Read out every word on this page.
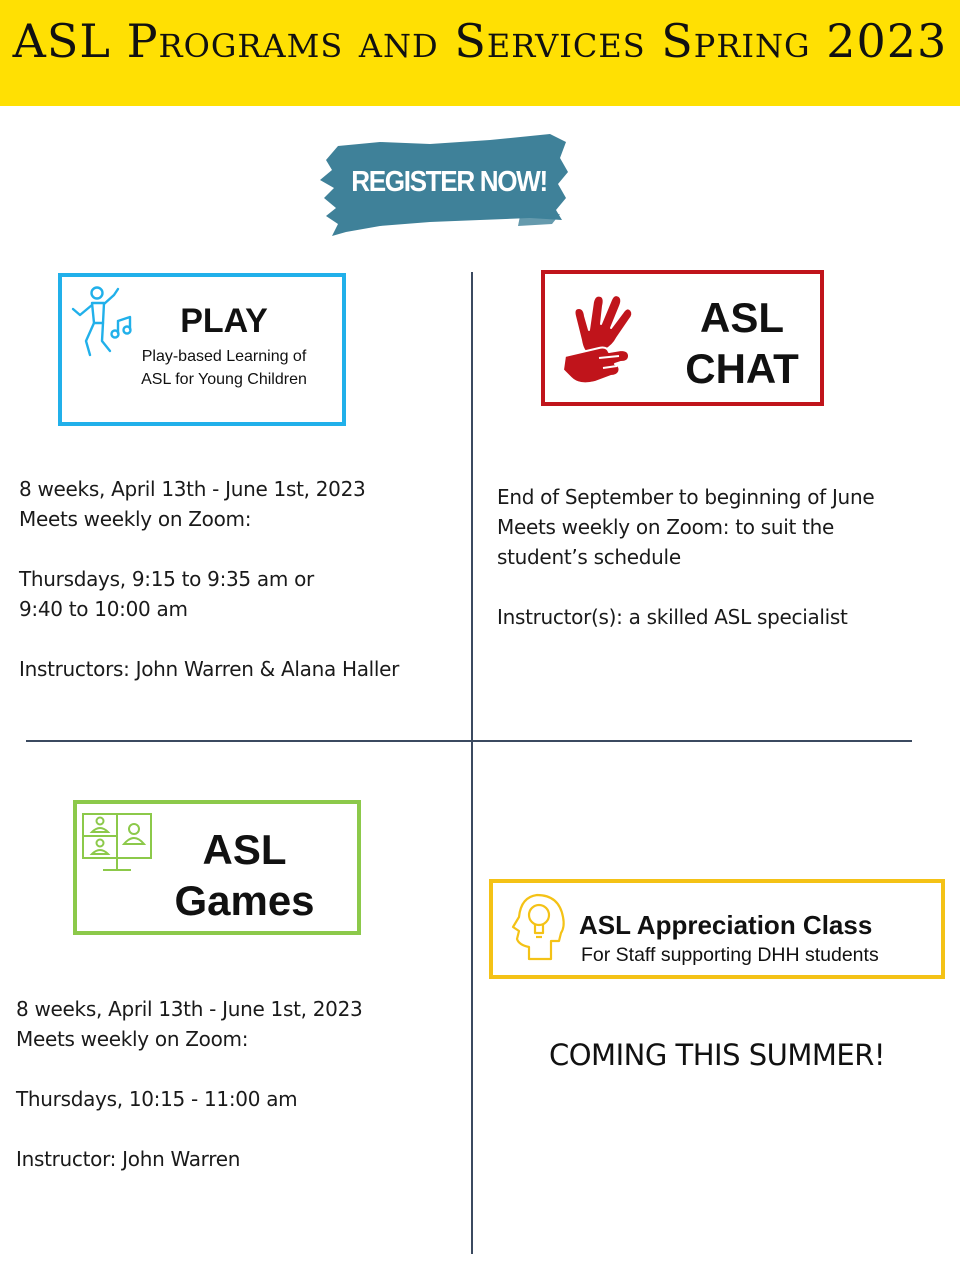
ASL Programs and Services Spring 2023
REGISTER NOW!
PLAY
Play-based Learning of
ASL for Young Children
ASL
CHAT
ASL
Games
ASL Appreciation Class
For Staff supporting DHH students
8 weeks, April 13th - June 1st, 2023
Meets weekly on Zoom:
Thursdays, 9:15 to 9:35 am or
9:40 to 10:00 am
Instructors: John Warren & Alana Haller
End of September to beginning of June
Meets weekly on Zoom: to suit the
student’s schedule
Instructor(s): a skilled ASL specialist
8 weeks, April 13th - June 1st, 2023
Meets weekly on Zoom:
Thursdays, 10:15 - 11:00 am
Instructor: John Warren
COMING THIS SUMMER!
